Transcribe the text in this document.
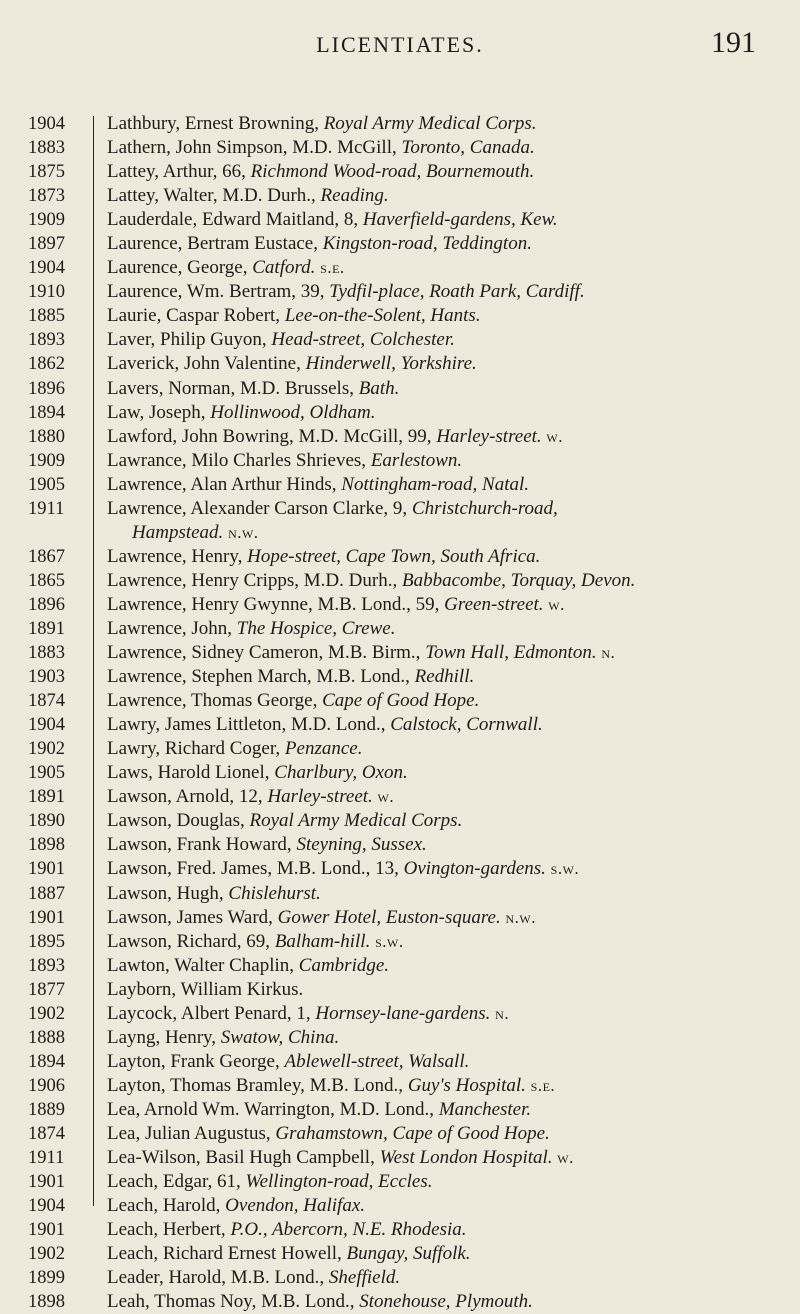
LICENTIATES.	191
1904	Lathbury, Ernest Browning, Royal Army Medical Corps.
1883	Lathern, John Simpson, M.D. McGill, Toronto, Canada.
1875	Lattey, Arthur, 66, Richmond Wood-road, Bournemouth.
1873	Lattey, Walter, M.D. Durh., Reading.
1909	Lauderdale, Edward Maitland, 8, Haverfield-gardens, Kew.
1897	Laurence, Bertram Eustace, Kingston-road, Teddington.
1904	Laurence, George, Catford. s.e.
1910	Laurence, Wm. Bertram, 39, Tydfil-place, Roath Park, Cardiff.
1885	Laurie, Caspar Robert, Lee-on-the-Solent, Hants.
1893	Laver, Philip Guyon, Head-street, Colchester.
1862	Laverick, John Valentine, Hinderwell, Yorkshire.
1896	Lavers, Norman, M.D. Brussels, Bath.
1894	Law, Joseph, Hollinwood, Oldham.
1880	Lawford, John Bowring, M.D. McGill, 99, Harley-street. w.
1909	Lawrance, Milo Charles Shrieves, Earlestown.
1905	Lawrence, Alan Arthur Hinds, Nottingham-road, Natal.
1911	Lawrence, Alexander Carson Clarke, 9, Christchurch-road,
Hampstead. n.w.
1867	Lawrence, Henry, Hope-street, Cape Town, South Africa.
1865	Lawrence, Henry Cripps, M.D. Durh., Babbacombe, Torquay, Devon.
1896	Lawrence, Henry Gwynne, M.B. Lond., 59, Green-street. w.
1891	Lawrence, John, The Hospice, Crewe.
1883	Lawrence, Sidney Cameron, M.B. Birm., Town Hall, Edmonton. n.
1903	Lawrence, Stephen March, M.B. Lond., Redhill.
1874	Lawrence, Thomas George, Cape of Good Hope.
1904	Lawry, James Littleton, M.D. Lond., Calstock, Cornwall.
1902	Lawry, Richard Coger, Penzance.
1905	Laws, Harold Lionel, Charlbury, Oxon.
1891	Lawson, Arnold, 12, Harley-street. w.
1890	Lawson, Douglas, Royal Army Medical Corps.
1898	Lawson, Frank Howard, Steyning, Sussex.
1901	Lawson, Fred. James, M.B. Lond., 13, Ovington-gardens. s.w.
1887	Lawson, Hugh, Chislehurst.
1901	Lawson, James Ward, Gower Hotel, Euston-square. n.w.
1895	Lawson, Richard, 69, Balham-hill. s.w.
1893	Lawton, Walter Chaplin, Cambridge.
1877	Layborn, William Kirkus.
1902	Laycock, Albert Penard, 1, Hornsey-lane-gardens. n.
1888	Layng, Henry, Swatow, China.
1894	Layton, Frank George, Ablewell-street, Walsall.
1906	Layton, Thomas Bramley, M.B. Lond., Guy's Hospital. s.e.
1889	Lea, Arnold Wm. Warrington, M.D. Lond., Manchester.
1874	Lea, Julian Augustus, Grahamstown, Cape of Good Hope.
1911	Lea-Wilson, Basil Hugh Campbell, West London Hospital. w.
1901	Leach, Edgar, 61, Wellington-road, Eccles.
1904	Leach, Harold, Ovendon, Halifax.
1901	Leach, Herbert, P.O., Abercorn, N.E. Rhodesia.
1902	Leach, Richard Ernest Howell, Bungay, Suffolk.
1899	Leader, Harold, M.B. Lond., Sheffield.
1898	Leah, Thomas Noy, M.B. Lond., Stonehouse, Plymouth.
